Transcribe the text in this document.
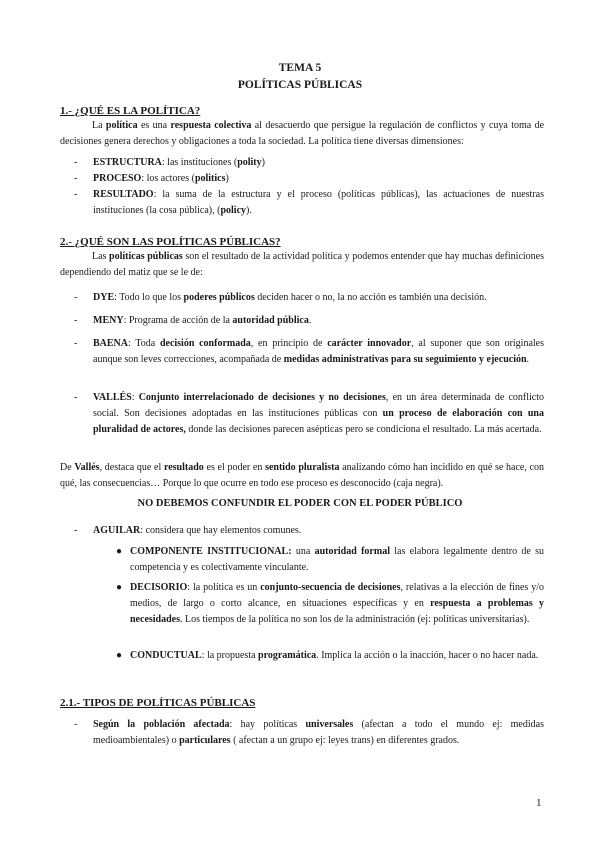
TEMA 5
POLÍTICAS PÚBLICAS
1.- ¿QUÉ ES LA POLÍTICA?
La política es una respuesta colectiva al desacuerdo que persigue la regulación de conflictos y cuya toma de decisiones genera derechos y obligaciones a toda la sociedad. La política tiene diversas dimensiones:
- ESTRUCTURA: las instituciones (polity)
- PROCESO: los actores (politics)
- RESULTADO: la suma de la estructura y el proceso (políticas públicas), las actuaciones de nuestras instituciones (la cosa pública), (policy).
2.- ¿QUÉ SON LAS POLÍTICAS PÚBLICAS?
Las políticas públicas son el resultado de la actividad política y podemos entender que hay muchas definiciones dependiendo del matiz que se le de:
- DYE: Todo lo que los poderes públicos deciden hacer o no, la no acción es también una decisión.
- MENY: Programa de acción de la autoridad pública.
- BAENA: Toda decisión conformada, en principio de carácter innovador, al suponer que son originales aunque son leves correcciones, acompañada de medidas administrativas para su seguimiento y ejecución.
- VALLÉS: Conjunto interrelacionado de decisiones y no decisiones, en un área determinada de conflicto social. Son decisiones adoptadas en las instituciones públicas con un proceso de elaboración con una pluralidad de actores, donde las decisiones parecen asépticas pero se condiciona el resultado. La más acertada.
De Vallés, destaca que el resultado es el poder en sentido pluralista analizando cómo han incidido en qué se hace, con qué, las consecuencias… Porque lo que ocurre en todo ese proceso es desconocido (caja negra).
NO DEBEMOS CONFUNDIR EL PODER CON EL PODER PÚBLICO
- AGUILAR: considera que hay elementos comunes.
● COMPONENTE INSTITUCIONAL: una autoridad formal las elabora legalmente dentro de su competencia y es colectivamente vinculante.
● DECISORIO: la política es un conjunto-secuencia de decisiones, relativas a la elección de fines y/o medios, de largo o corto alcance, en situaciones específicas y en respuesta a problemas y necesidades. Los tiempos de la política no son los de la administración (ej: políticas universitarias).
● CONDUCTUAL: la propuesta programática. Implica la acción o la inacción, hacer o no hacer nada.
2.1.- TIPOS DE POLÍTICAS PÚBLICAS
- Según la población afectada: hay políticas universales (afectan a todo el mundo ej: medidas medioambientales) o particulares ( afectan a un grupo ej: leyes trans) en diferentes grados.
1
